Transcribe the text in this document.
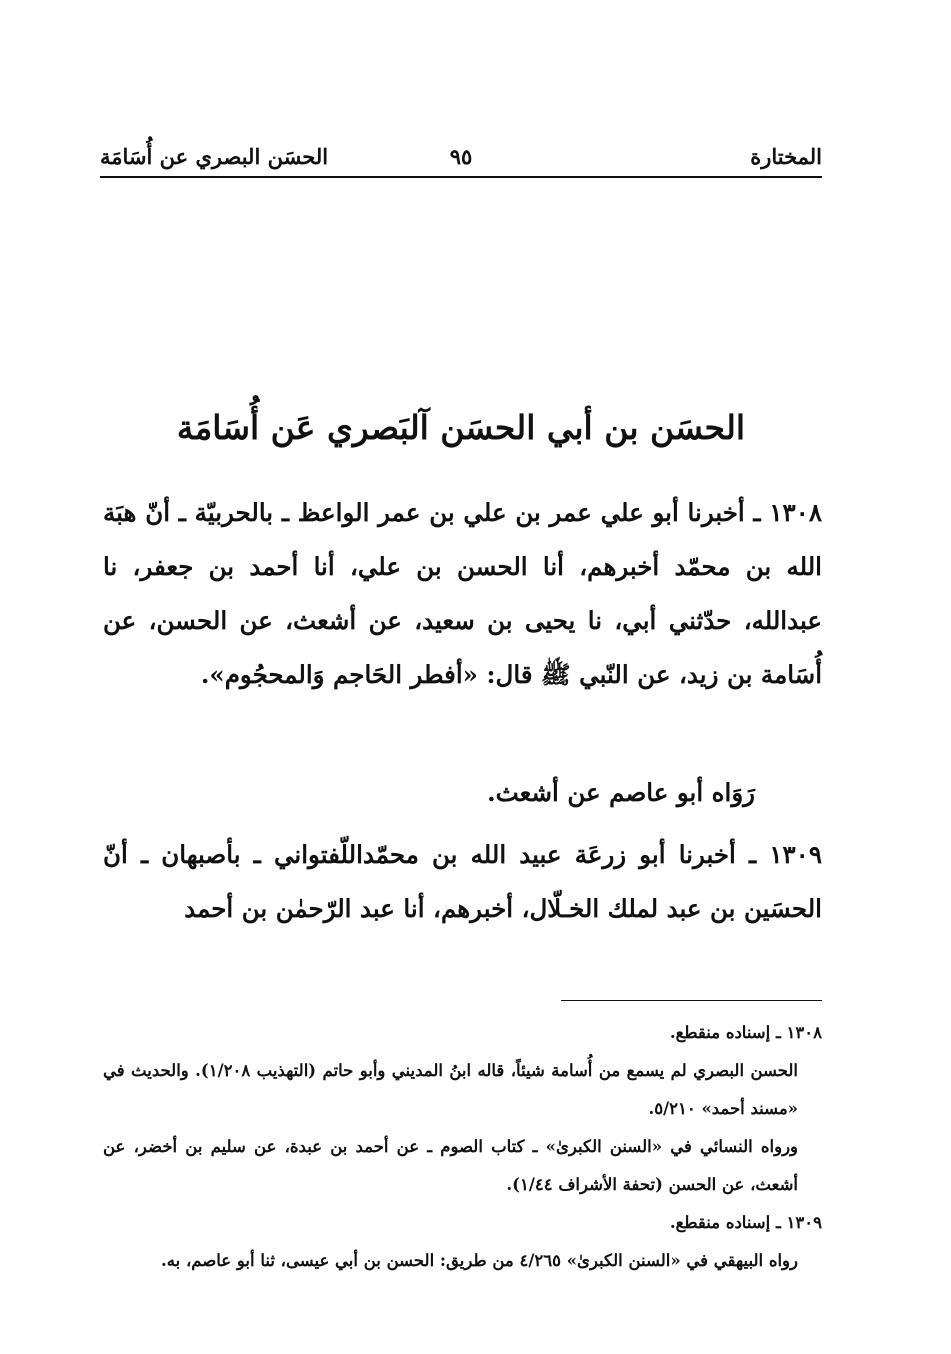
المختارة
٩٥
الحسَن البصري عن أُسَامَة
الحسَن بن أبي الحسَن آلبَصري عَن أُسَامَة
١٣٠٨ ـ أخبرنا أبو علي عمر بن علي بن عمر الواعظ ـ بالحربيّة ـ أنّ هبَة الله بن محمّد أخبرهم، أنا الحسن بن علي، أنا أحمد بن جعفر، نا عبدالله، حدّثني أبي، نا يحيى بن سعيد، عن أشعث، عن الحسن، عن أُسَامة بن زيد، عن النّبي ﷺ قال: «أفطر الحَاجم وَالمحجُوم».
رَوَاه أبو عاصم عن أشعث.
١٣٠٩ ـ أخبرنا أبو زرعَة عبيد الله بن محمّداللّفتواني ـ بأصبهان ـ أنّ الحسَين بن عبد لملك الخـلّال، أخبرهم، أنا عبد الرّحمٰن بن أحمد

١٣٠٨ ـ إسناده منقطع.

الحسن البصري لم يسمع من أُسامة شيئاً، قاله ابنُ المديني وأبو حاتم (التهذيب ١/٢٠٨). والحديث في «مسند أحمد» ٥/٢١٠.

ورواه النسائي في «السنن الكبرىٰ» ـ كتاب الصوم ـ عن أحمد بن عبدة، عن سليم بن أخضر، عن أشعث، عن الحسن (تحفة الأشراف ١/٤٤).

١٣٠٩ ـ إسناده منقطع.

رواه البيهقي في «السنن الكبرىٰ» ٤/٢٦٥ من طريق: الحسن بن أبي عيسى، ثنا أبو عاصم، به.
